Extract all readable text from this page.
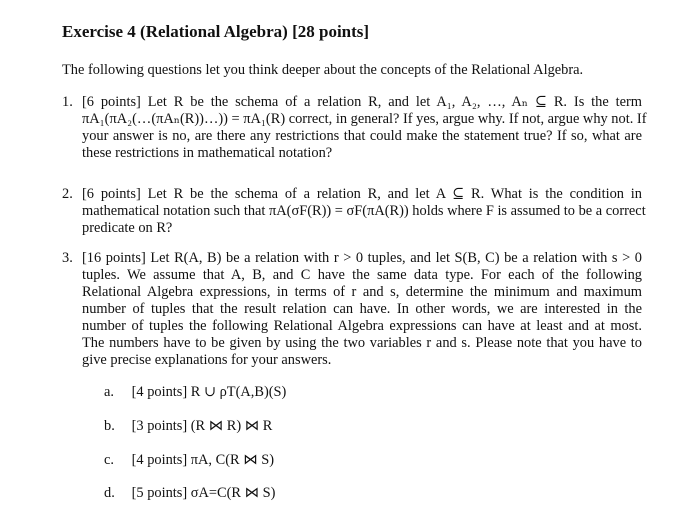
Exercise 4 (Relational Algebra) [28 points]

The following questions let you think deeper about the concepts of the Relational Algebra.

1. [6 points] Let R be the schema of a relation R, and let A₁, A₂, …, Aₙ ⊆ R. Is the term
πA₁(πA₂(…(πAₙ(R))…)) = πA₁(R) correct, in general? If yes, argue why. If not, argue why not. If
your answer is no, are there any restrictions that could make the statement true? If so, what are
these restrictions in mathematical notation?
2. [6 points] Let R be the schema of a relation R, and let A ⊆ R. What is the condition in
mathematical notation such that πA(σF(R)) = σF(πA(R)) holds where F is assumed to be a correct
predicate on R?
3. [16 points] Let R(A, B) be a relation with r > 0 tuples, and let S(B, C) be a relation with s > 0
tuples. We assume that A, B, and C have the same data type. For each of the following
Relational Algebra expressions, in terms of r and s, determine the minimum and maximum
number of tuples that the result relation can have. In other words, we are interested in the
number of tuples the following Relational Algebra expressions can have at least and at most.
The numbers have to be given by using the two variables r and s. Please note that you have to
give precise explanations for your answers.
a. [4 points] R ∪ ρT(A,B)(S)
b. [3 points] (R ⋈ R) ⋈ R
c. [4 points] πA, C(R ⋈ S)
d. [5 points] σA=C(R ⋈ S)
